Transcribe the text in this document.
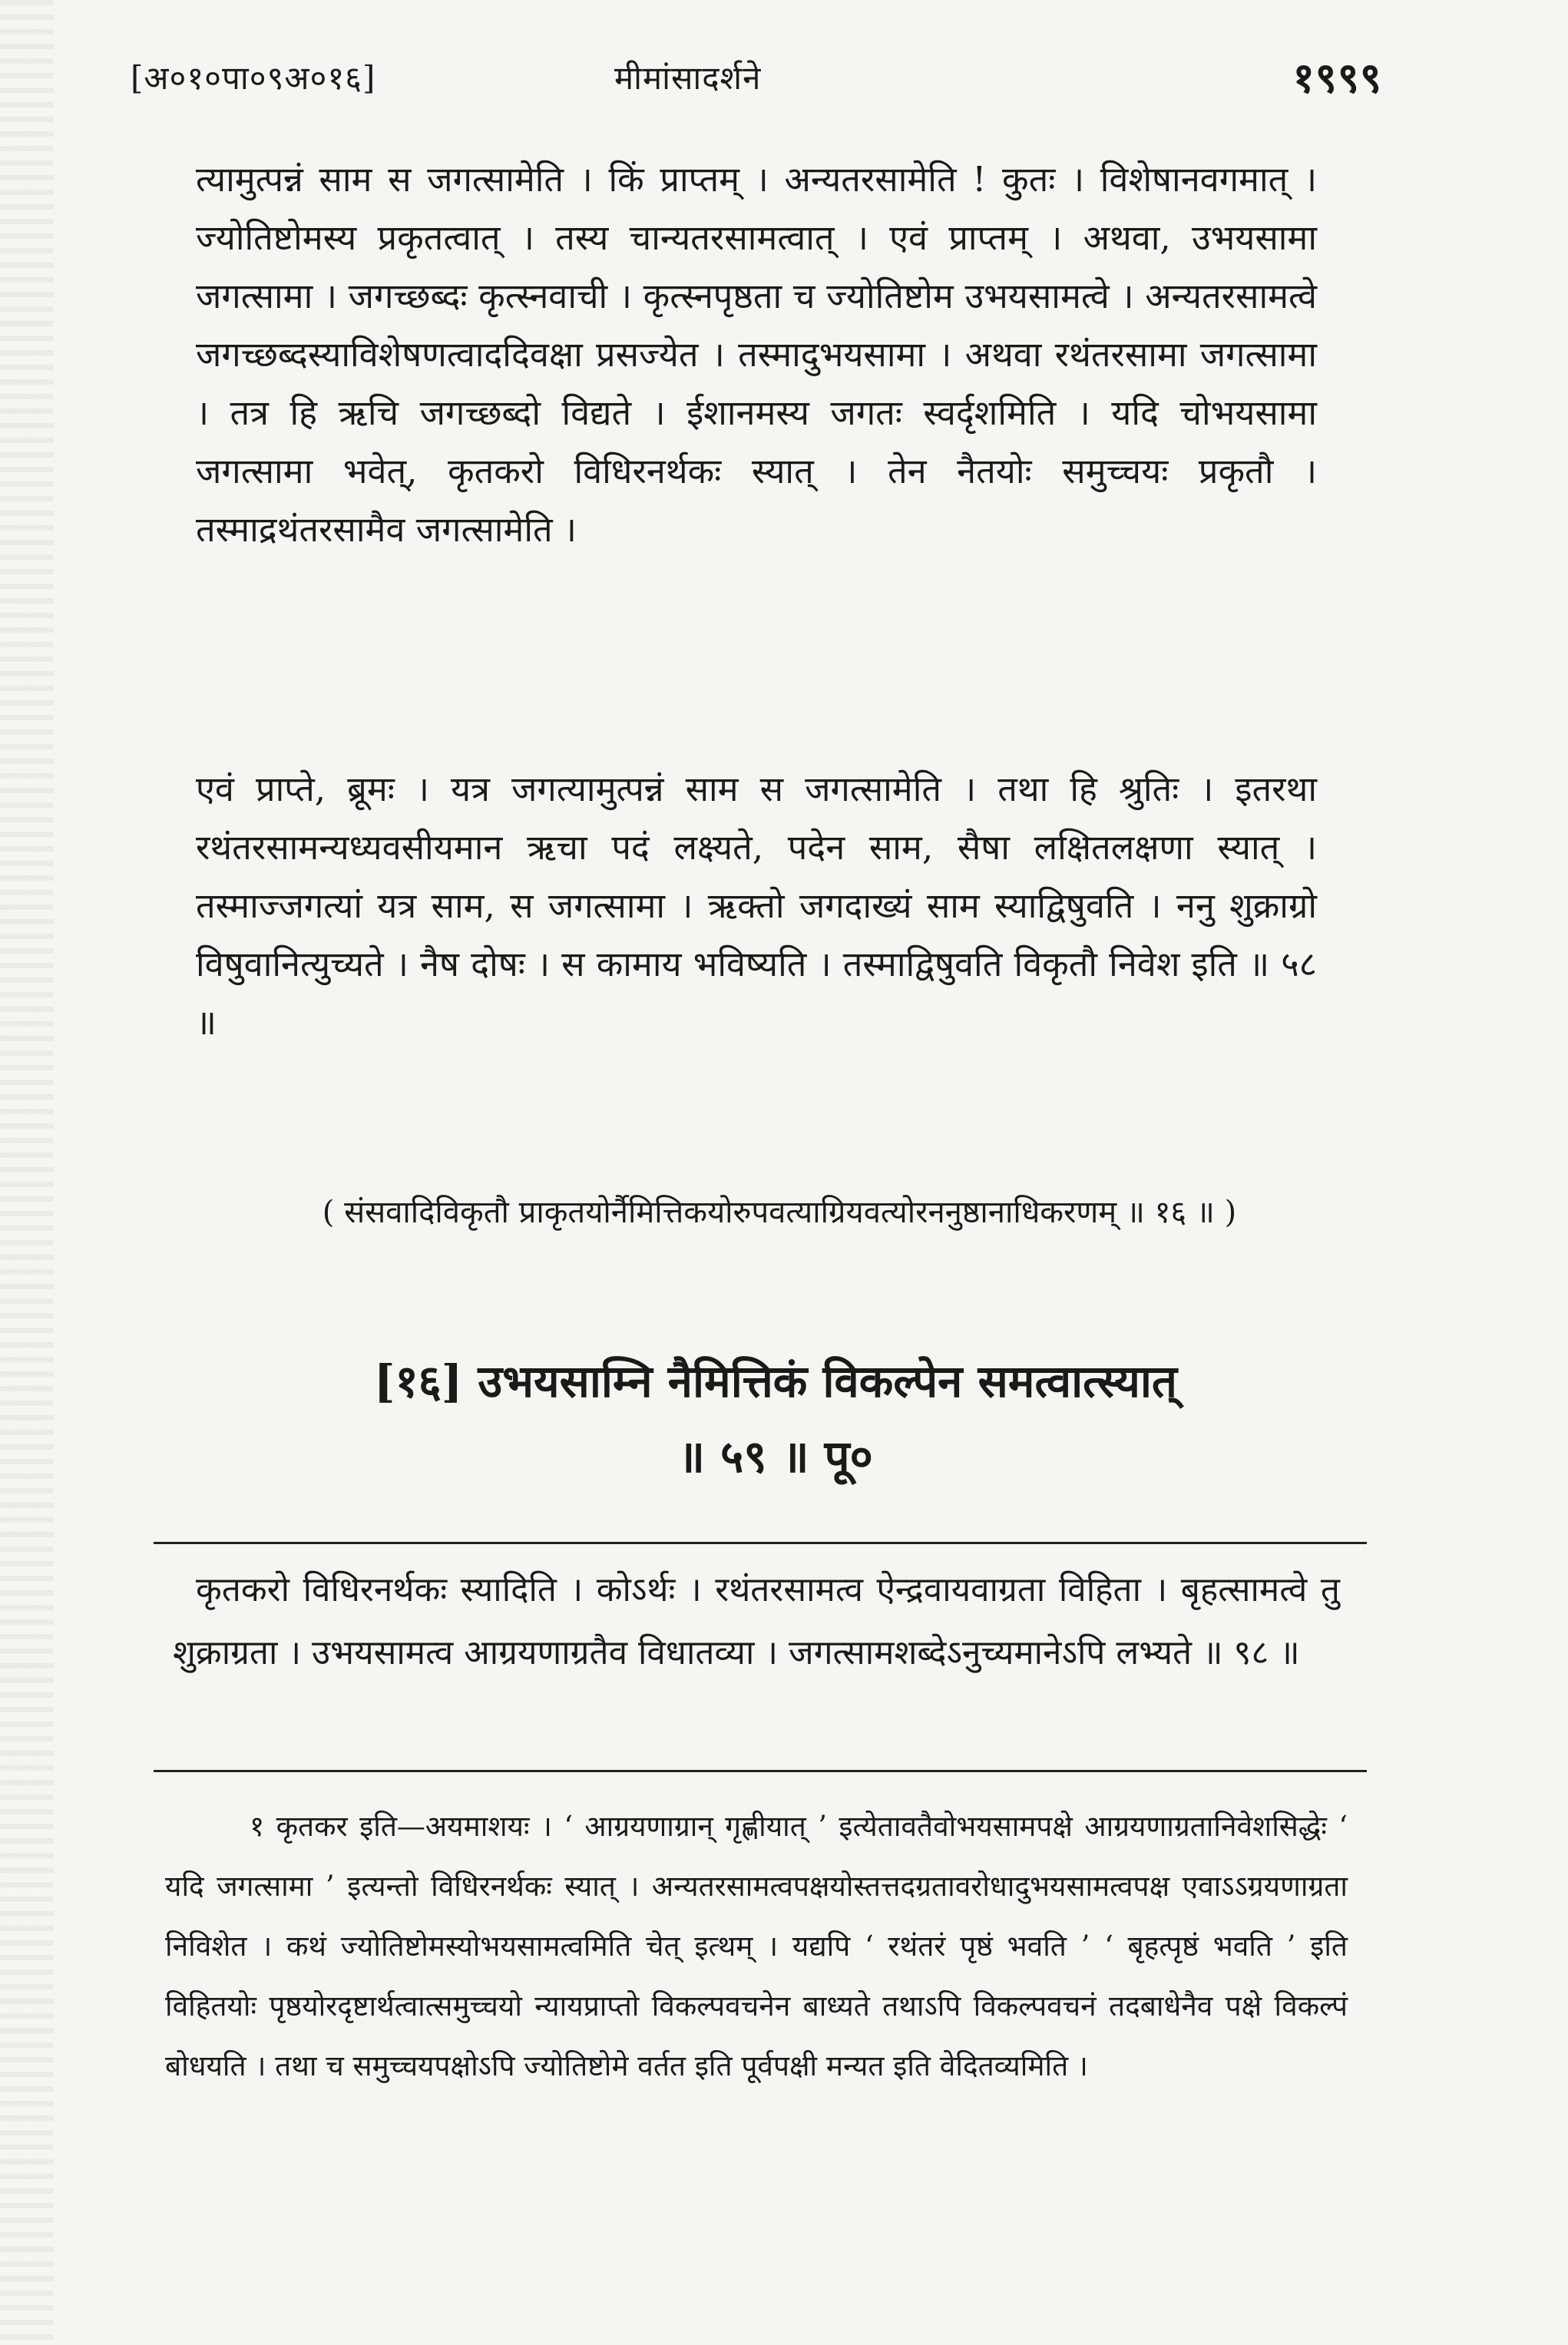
[अ०१०पा०९अ०१६]	मीमांसादर्शने	१९९९
त्यामुत्पन्नं साम स जगत्सामेति । किं प्राप्तम् । अन्यतरसामेति ! कुतः । विशेषानवगमात् । ज्योतिष्टोमस्य प्रकृतत्वात् । तस्य चान्यतरसामत्वात् । एवं प्राप्तम् । अथवा, उभयसामा जगत्सामा । जगच्छब्दः कृत्स्नवाची । कृत्स्नपृष्ठता च ज्योतिष्टोम उभयसामत्वे । अन्यतरसामत्वे जगच्छब्दस्याविशेषणत्वाददिवक्षा प्रसज्येत । तस्मादुभयसामा । अथवा रथंतरसामा जगत्सामा । तत्र हि ऋचि जगच्छब्दो विद्यते । ईशानमस्य जगतः स्वर्दृशमिति । यदि चोभयसामा जगत्सामा भवेत्, कृतकरो विधिरनर्थकः स्यात् । तेन नैतयोः समुच्चयः प्रकृतौ । तस्माद्रथंतरसामैव जगत्सामेति ।
एवं प्राप्ते, ब्रूमः । यत्र जगत्यामुत्पन्नं साम स जगत्सामेति । तथा हि श्रुतिः । इतरथा रथंतरसामन्यध्यवसीयमान ऋचा पदं लक्ष्यते, पदेन साम, सैषा लक्षितलक्षणा स्यात् । तस्माज्जगत्यां यत्र साम, स जगत्सामा । ऋक्तो जगदाख्यं साम स्याद्विषुवति । ननु शुक्राग्रो विषुवानित्युच्यते । नैष दोषः । स कामाय भविष्यति । तस्माद्विषुवति विकृतौ निवेश इति ॥ ५८ ॥
( संसवादिविकृतौ प्राकृतयोर्नैमित्तिकयोरुपवत्याग्रियवत्योरननुष्ठानाधिकरणम् ॥ १६ ॥ )
[१६] उभयसाम्नि नैमित्तिकं विकल्पेन समत्वात्स्यात्
॥ ५९ ॥ पू०
कृतकरो विधिरनर्थकः स्यादिति । कोऽर्थः । रथंतरसामत्व ऐन्द्रवायवाग्रता विहिता । बृहत्सामत्वे तु शुक्राग्रता । उभयसामत्व आग्रयणाग्रतैव विधातव्या । जगत्सामशब्देऽनुच्यमानेऽपि लभ्यते ॥ ९८ ॥
१ कृतकर इति—अयमाशयः । ‘ आग्रयणाग्रान् गृह्णीयात् ’ इत्येतावतैवोभयसामपक्षे आग्रयणाग्रतानिवेशसिद्धेः ‘ यदि जगत्सामा ’ इत्यन्तो विधिरनर्थकः स्यात् । अन्यतरसामत्वपक्षयोस्तत्तदग्रतावरोधादुभयसामत्वपक्ष एवाऽऽग्रयणाग्रता निविशेत । कथं ज्योतिष्टोमस्योभयसामत्वमिति चेत् इत्थम् । यद्यपि ‘ रथंतरं पृष्ठं भवति ’ ‘ बृहत्पृष्ठं भवति ’ इति विहितयोः पृष्ठयोरदृष्टार्थत्वात्समुच्चयो न्यायप्राप्तो विकल्पवचनेन बाध्यते तथाऽपि विकल्पवचनं तदबाधेनैव पक्षे विकल्पं बोधयति । तथा च समुच्चयपक्षोऽपि ज्योतिष्टोमे वर्तत इति पूर्वपक्षी मन्यत इति वेदितव्यमिति ।
